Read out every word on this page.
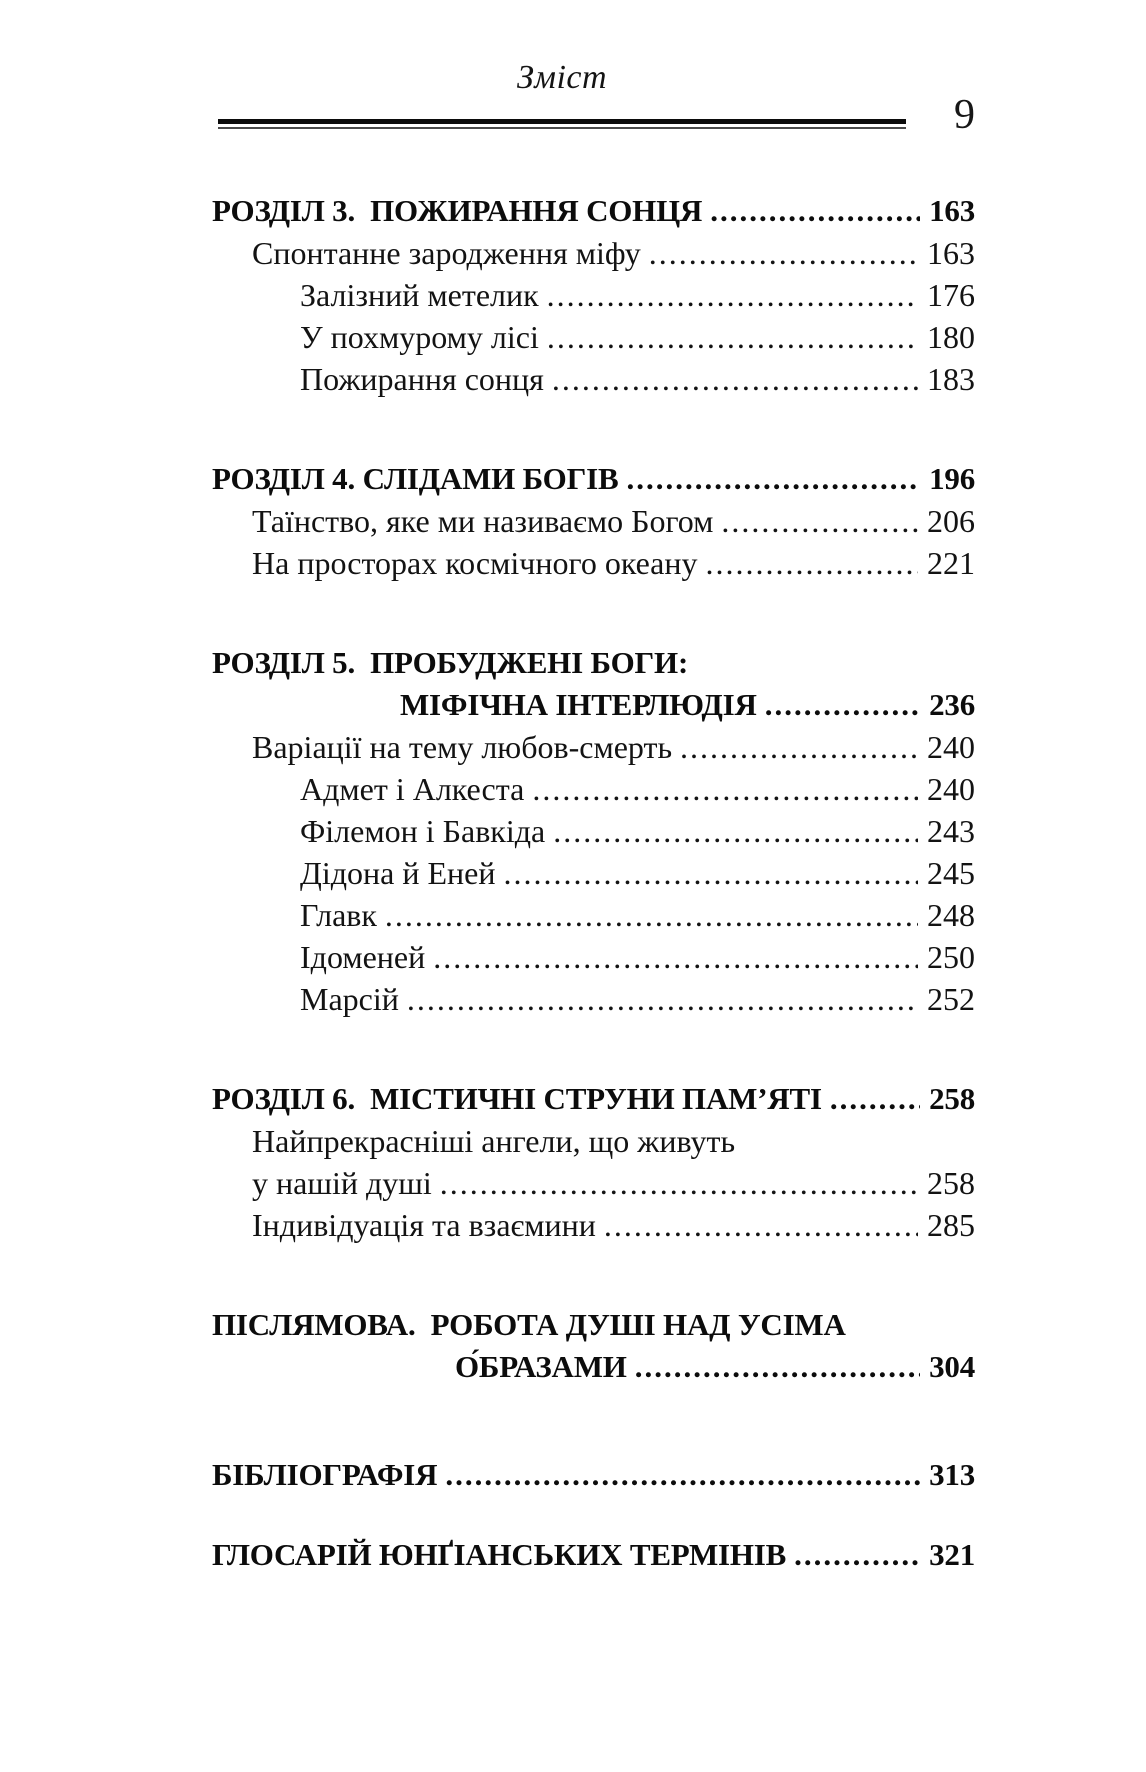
Зміст
9
РОЗДІЛ 3.  ПОЖИРАННЯ СОНЦЯ .....	163
Спонтанне зародження міфу .....	163
Залізний метелик .....	176
У похмурому лісі .....	180
Пожирання сонця .....	183
РОЗДІЛ 4. СЛІДАМИ БОГІВ .....	196
Таїнство, яке ми називаємо Богом .....	206
На просторах космічного океану .....	221
РОЗДІЛ 5.  ПРОБУДЖЕНІ БОГИ:
МІФІЧНА ІНТЕРЛЮДІЯ .....	236
Варіації на тему любов-смерть .....	240
Адмет і Алкеста .....	240
Філемон і Бавкіда .....	243
Дідона й Еней .....	245
Главк .....	248
Ідоменей .....	250
Марсій .....	252
РОЗДІЛ 6.  МІСТИЧНІ СТРУНИ ПАМ’ЯТІ .....	258
Найпрекрасніші ангели, що живуть
у нашій душі .....	258
Індивідуація та взаємини .....	285
ПІСЛЯМОВА.  РОБОТА ДУШІ НАД УСІМА
О́БРАЗАМИ .....	304
БІБЛІОГРАФІЯ .....	313
ГЛОСАРІЙ ЮНҐІАНСЬКИХ ТЕРМІНІВ .....	321
